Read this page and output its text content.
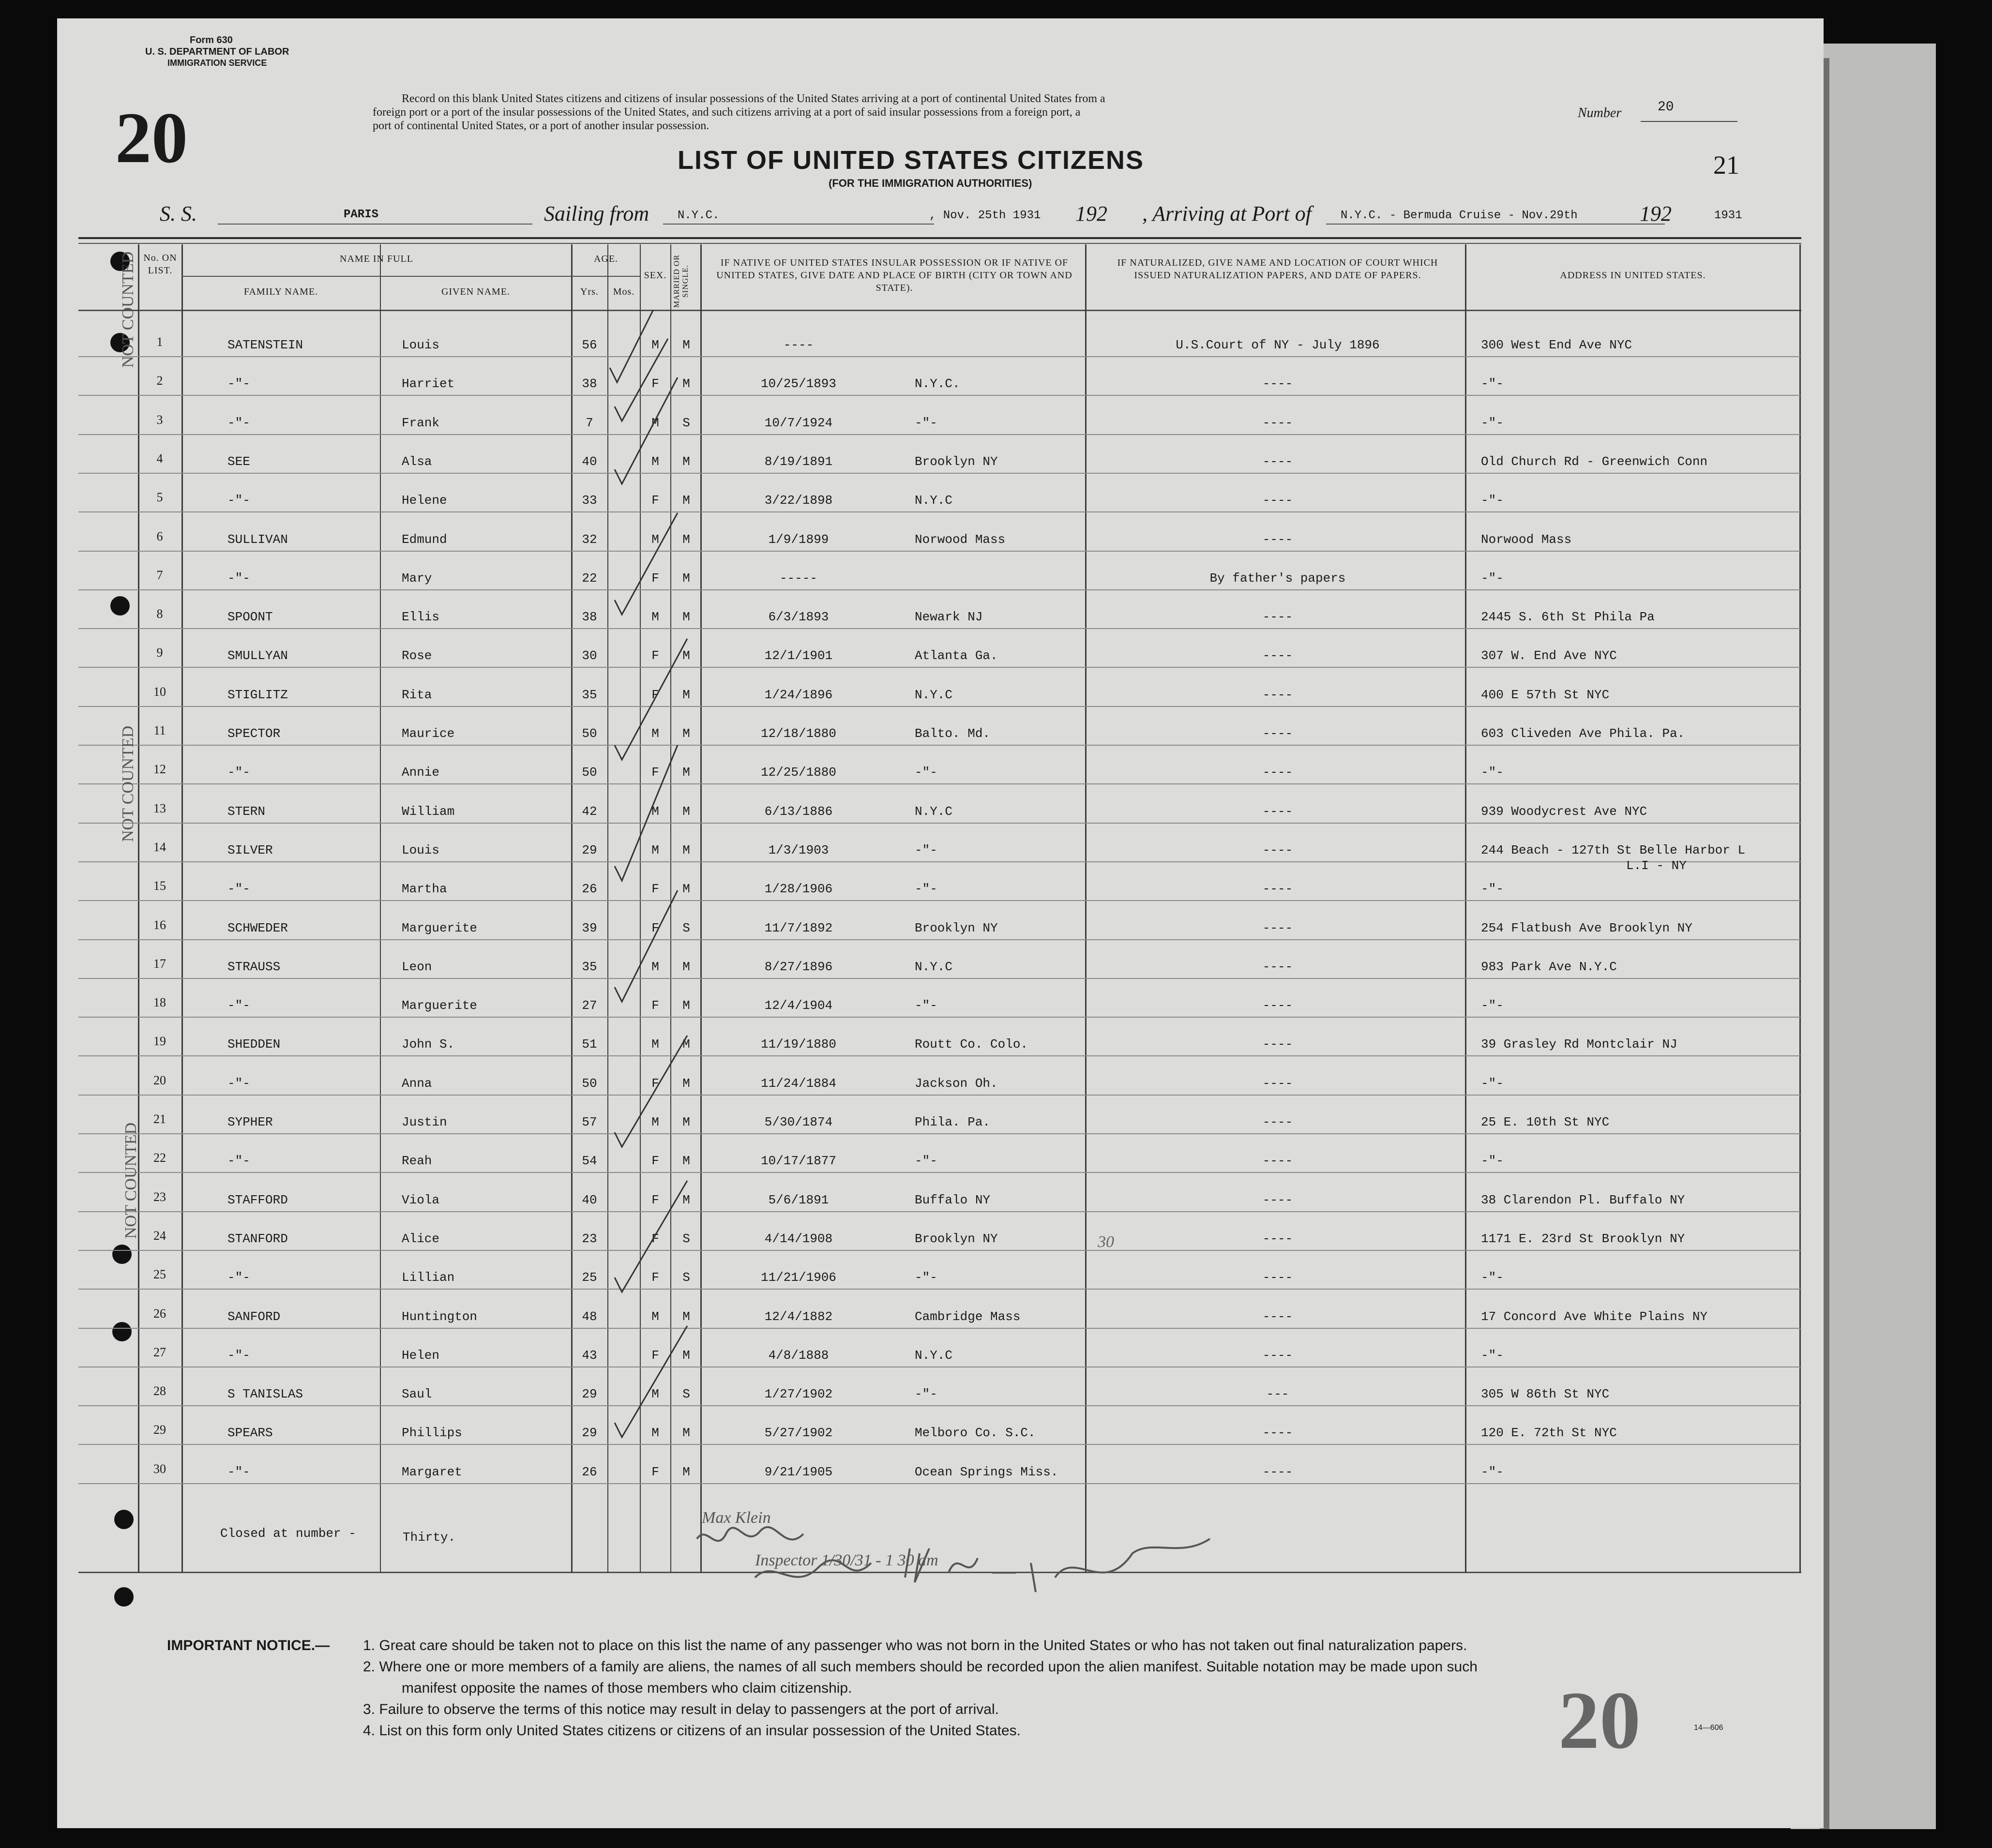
Form 630
U. S. DEPARTMENT OF LABOR
IMMIGRATION SERVICE
20	Record on this blank United States citizens and citizens of insular possessions of the United States arriving at a port of continental United States from a
foreign port or a port of the insular possessions of the United States, and such citizens arriving at a port of said insular possessions from a foreign port, a
port of continental United States, or a port of another insular possession.
Number	20
21
LIST OF UNITED STATES CITIZENS
(FOR THE IMMIGRATION AUTHORITIES)
S. S.	PARIS	Sailing from N.Y.C.	, Nov. 25th 1931 192 , Arriving at Port of	N.Y.C. - Bermuda Cruise - Nov.29th	192	1931
No. ON LIST.
NAME IN FULL
FAMILY NAME.	GIVEN NAME.
AGE.
Yrs.	Mos.
SEX. MARRIED OR SINGLE.
IF NATIVE OF UNITED STATES INSULAR POSSESSION OR IF NATIVE OF UNITED STATES, GIVE DATE AND PLACE OF BIRTH (CITY OR TOWN AND STATE).
IF NATURALIZED, GIVE NAME AND LOCATION OF COURT WHICH ISSUED NATURALIZATION PAPERS, AND DATE OF PAPERS.	ADDRESS IN UNITED STATES.
1	SATENSTEIN	Louis	56	M	M	----	U.S.Court of NY - July 1896	300 West End Ave NYC
2	-"-	Harriet	38	F	M	10/25/1893	N.Y.C.	----	-"-
3	-"-	Frank	7	M	S	10/7/1924	-"-	----	-"-
4	SEE	Alsa	40	M	M	8/19/1891	Brooklyn NY	----	Old Church Rd - Greenwich Conn
5	-"-	Helene	33	F	M	3/22/1898	N.Y.C	----	-"-
6	SULLIVAN	Edmund	32	M	M	1/9/1899	Norwood Mass	----	Norwood Mass
7	-"-	Mary	22	F	M	-----	By father's papers	-"-
8	SPOONT	Ellis	38	M	M	6/3/1893	Newark NJ	----	2445 S. 6th St Phila Pa
9	SMULLYAN	Rose	30	F	M	12/1/1901	Atlanta Ga.	----	307 W. End Ave NYC
10	STIGLITZ	Rita	35	F	M	1/24/1896	N.Y.C	----	400 E 57th St NYC
11	SPECTOR	Maurice	50	M	M	12/18/1880	Balto. Md.	----	603 Cliveden Ave Phila. Pa.
12	-"-	Annie	50	F	M	12/25/1880	-"-	----	-"-
13	STERN	William	42	M	M	6/13/1886	N.Y.C	----	939 Woodycrest Ave NYC
14	SILVER	Louis	29	M	M	1/3/1903	-"-	----	244 Beach - 127th St Belle Harbor L
L.I - NY
15	-"-	Martha	26	F	M	1/28/1906	-"-	----	-"-
16	SCHWEDER	Marguerite	39	F	S	11/7/1892	Brooklyn NY	----	254 Flatbush Ave Brooklyn NY
17	STRAUSS	Leon	35	M	M	8/27/1896	N.Y.C	----	983 Park Ave N.Y.C
18	-"-	Marguerite	27	F	M	12/4/1904	-"-	----	-"-
19	SHEDDEN	John S.	51	M	M	11/19/1880	Routt Co. Colo.	----	39 Grasley Rd Montclair NJ
20	-"-	Anna	50	F	M	11/24/1884	Jackson Oh.	----	-"-
21	SYPHER	Justin	57	M	M	5/30/1874	Phila. Pa.	----	25 E. 10th St NYC
22	-"-	Reah	54	F	M	10/17/1877	-"-	----	-"-
23	STAFFORD	Viola	40	F	M	5/6/1891	Buffalo NY	----	38 Clarendon Pl. Buffalo NY
24	STANFORD	Alice	23	F	S	4/14/1908	Brooklyn NY	----	1171 E. 23rd St Brooklyn NY
25	-"-	Lillian	25	F	S	11/21/1906	-"-	----	-"-
26	SANFORD	Huntington	48	M	M	12/4/1882	Cambridge Mass	----	17 Concord Ave White Plains NY
27	-"-	Helen	43	F	M	4/8/1888	N.Y.C	----	-"-
28	S TANISLAS	Saul	29	M	S	1/27/1902	-"-	---	305 W 86th St NYC
29	SPEARS	Phillips	29	M	M	5/27/1902	Melboro Co. S.C.	----	120 E. 72th St NYC
30	-"-	Margaret	26	F	M	9/21/1905	Ocean Springs Miss.	----	-"-
Closed at number -	Thirty.
Max Klein
Inspector 1/30/31 - 1 30 am
30
NOT COUNTED
NOT COUNTED
NOT COUNTED
IMPORTANT NOTICE.— 1. Great care should be taken not to place on this list the name of any passenger who was not born in the United States or who has not taken out final naturalization papers.
2. Where one or more members of a family are aliens, the names of all such members should be recorded upon the alien manifest. Suitable notation may be made upon such
manifest opposite the names of those members who claim citizenship.
3. Failure to observe the terms of this notice may result in delay to passengers at the port of arrival.
4. List on this form only United States citizens or citizens of an insular possession of the United States.	20	14—606
